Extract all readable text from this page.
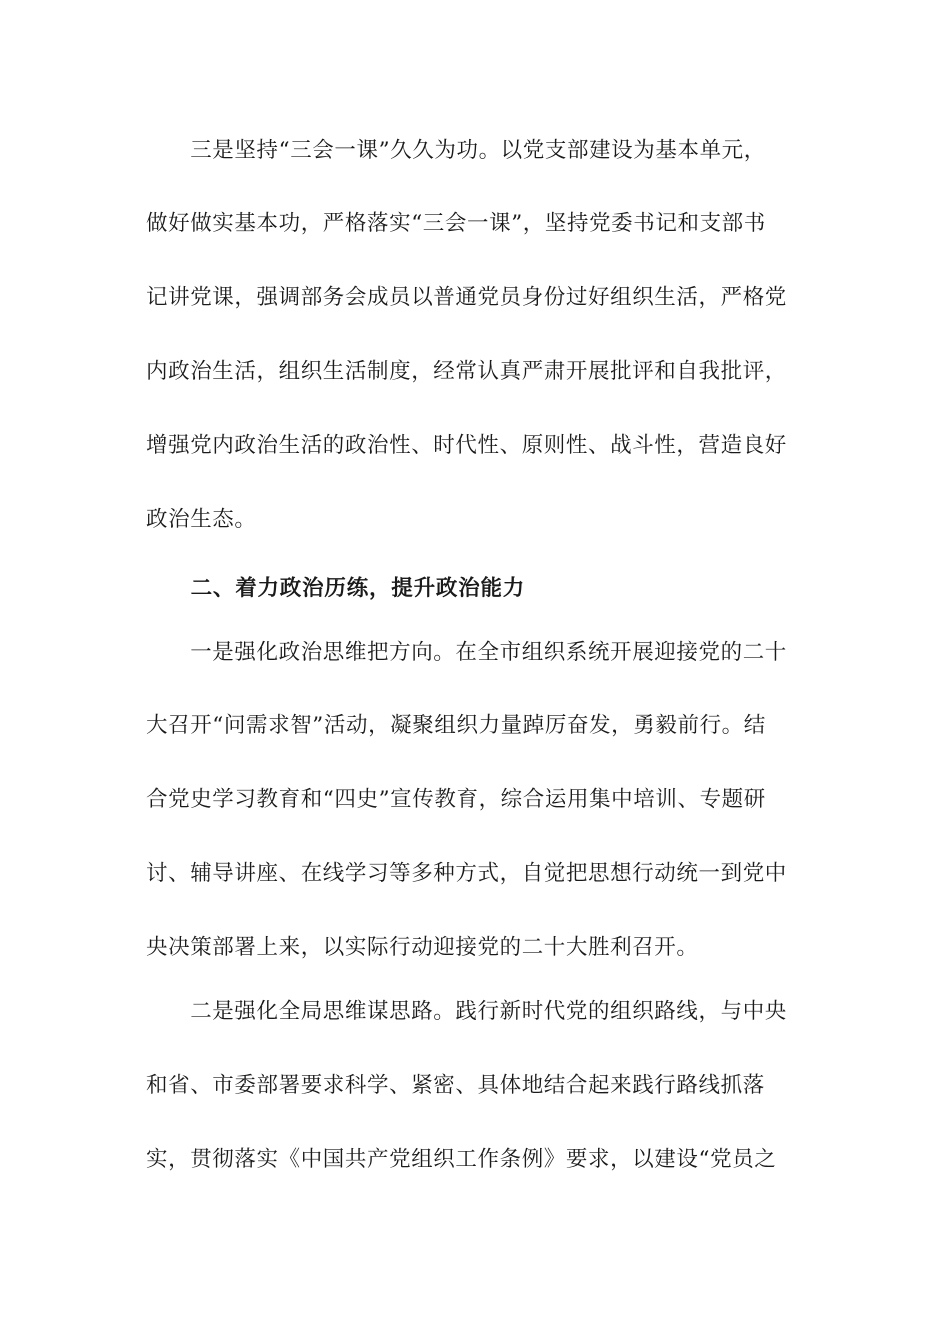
　　三是坚持“三会一课”久久为功。以党支部建设为基本单元，
做好做实基本功，严格落实“三会一课”，坚持党委书记和支部书
记讲党课，强调部务会成员以普通党员身份过好组织生活，严格党
内政治生活，组织生活制度，经常认真严肃开展批评和自我批评，
增强党内政治生活的政治性、时代性、原则性、战斗性，营造良好
政治生态。
　　二、着力政治历练，提升政治能力
　　一是强化政治思维把方向。在全市组织系统开展迎接党的二十
大召开“问需求智”活动，凝聚组织力量踔厉奋发，勇毅前行。结
合党史学习教育和“四史”宣传教育，综合运用集中培训、专题研
讨、辅导讲座、在线学习等多种方式，自觉把思想行动统一到党中
央决策部署上来，以实际行动迎接党的二十大胜利召开。
　　二是强化全局思维谋思路。践行新时代党的组织路线，与中央
和省、市委部署要求科学、紧密、具体地结合起来践行路线抓落
实，贯彻落实《中国共产党组织工作条例》要求，以建设“党员之
